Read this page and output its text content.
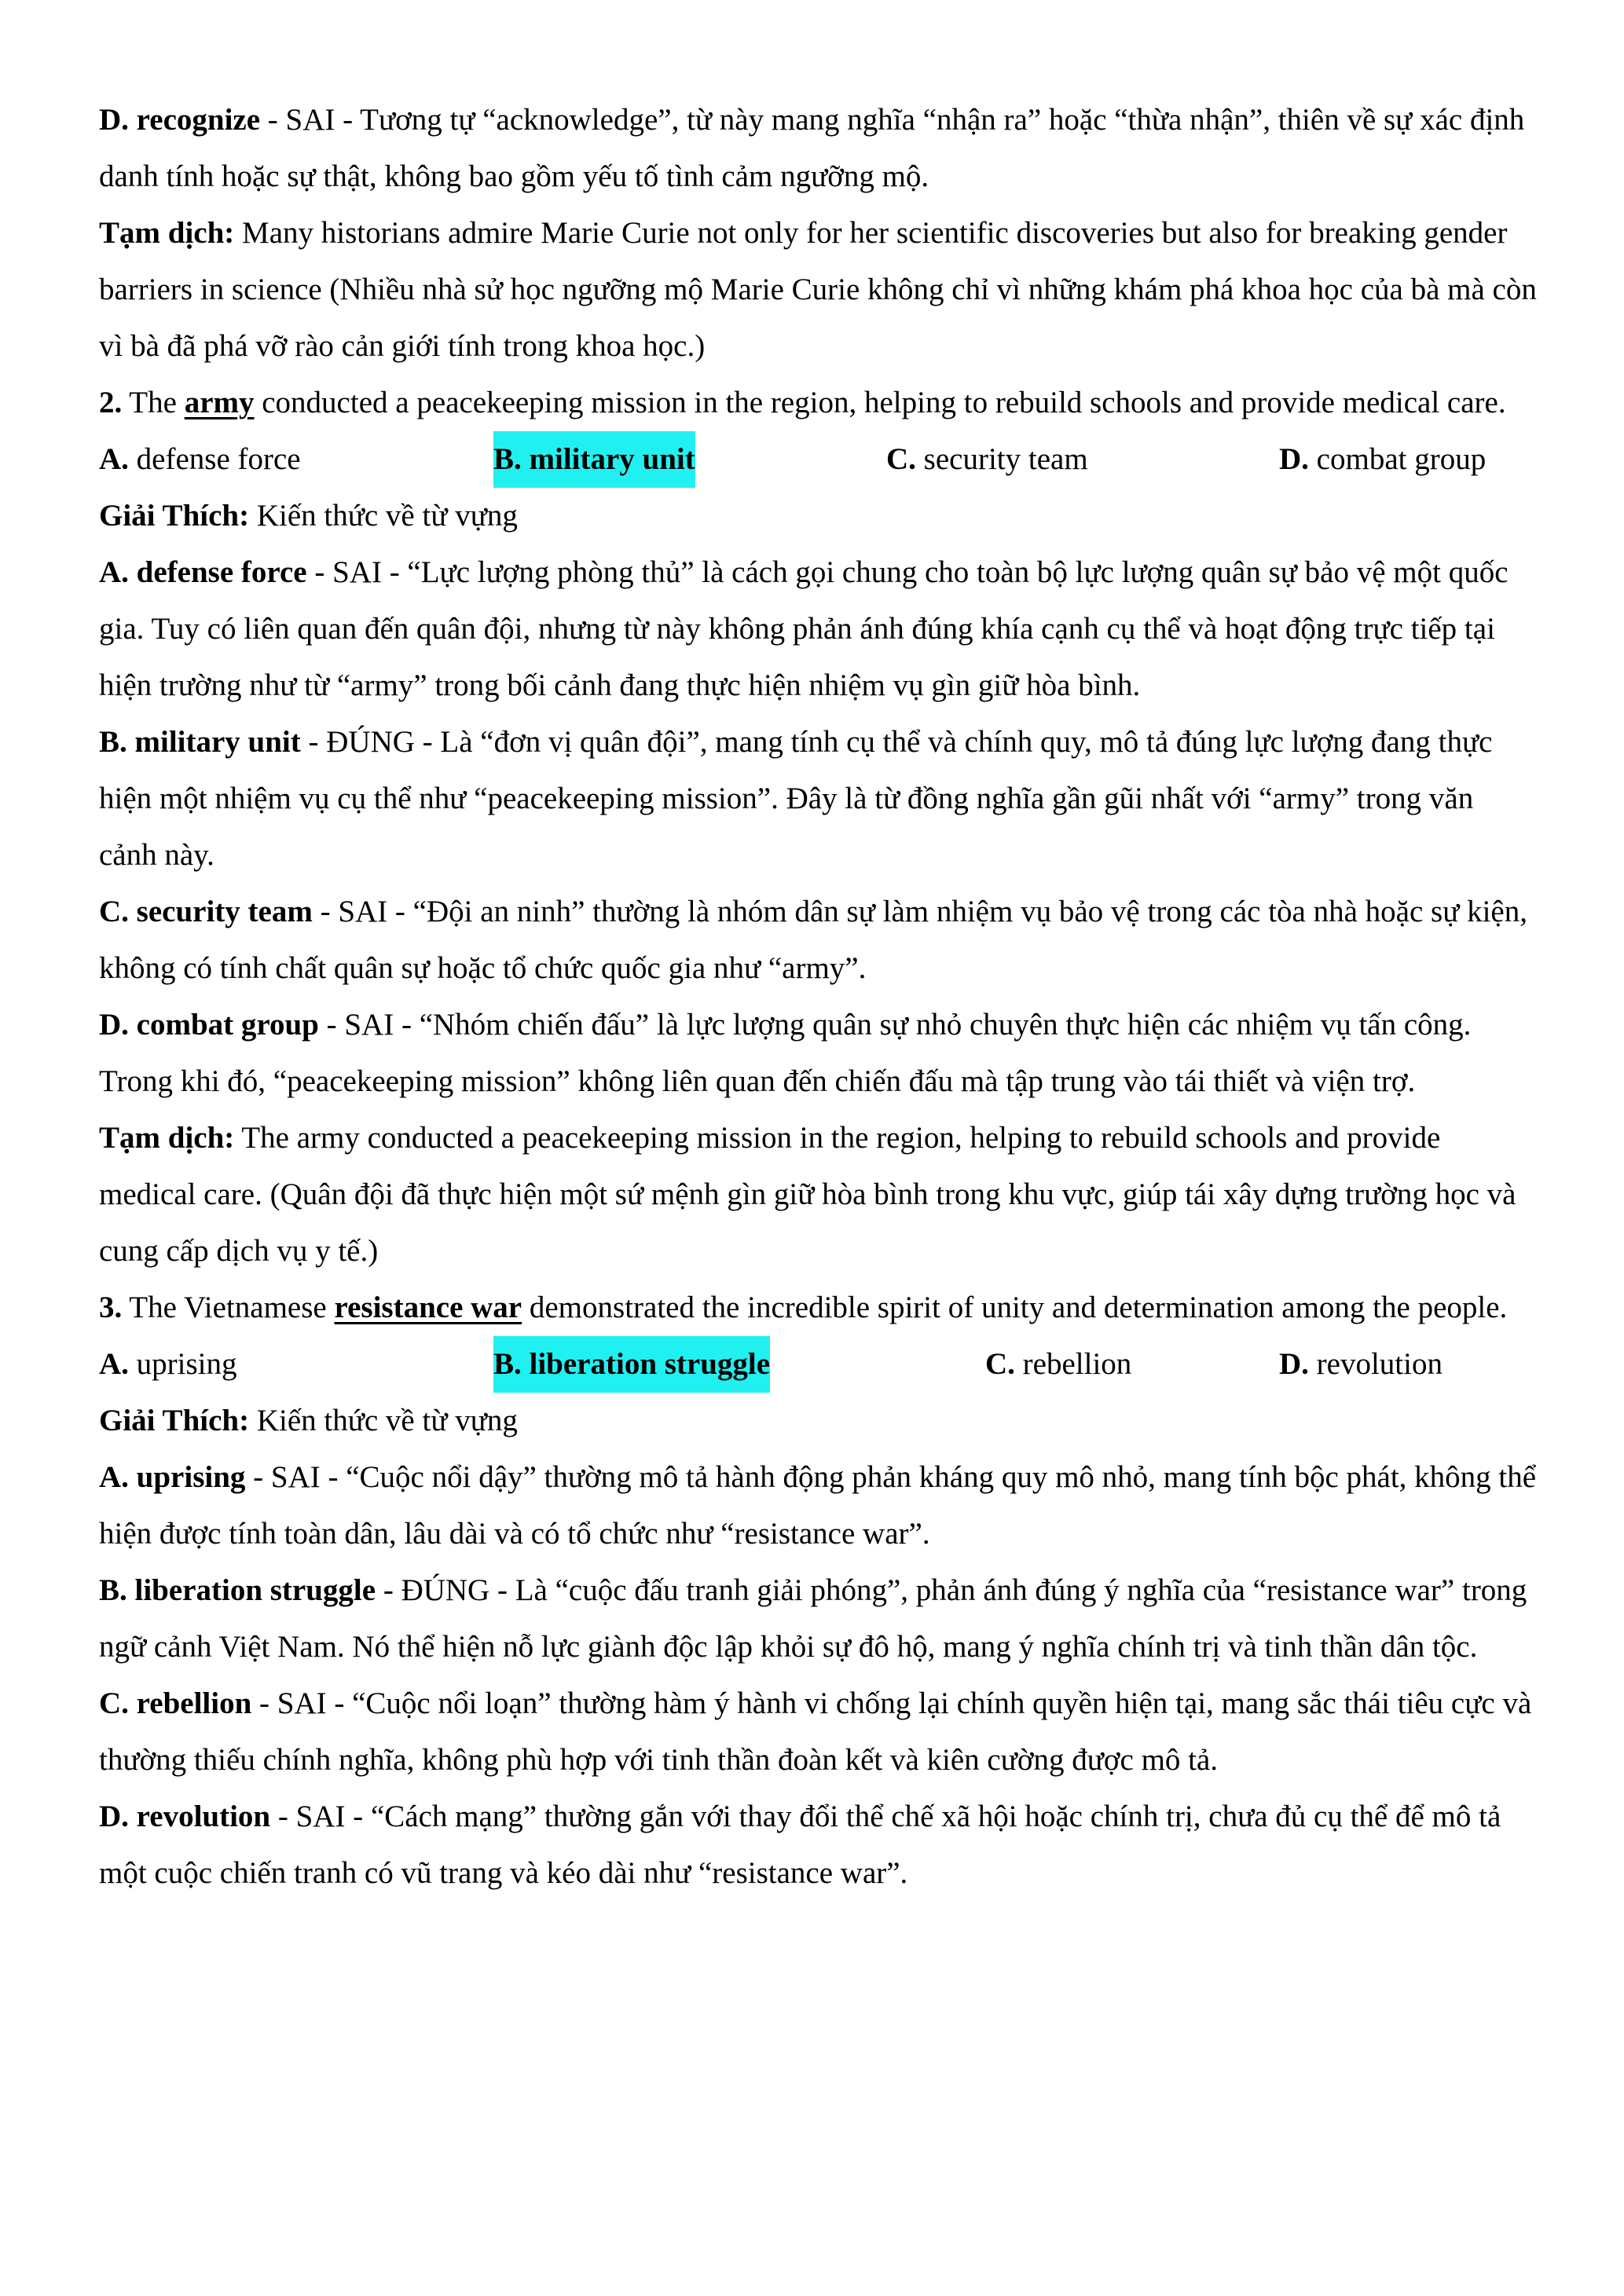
D. recognize - SAI - Tương tự “acknowledge”, từ này mang nghĩa “nhận ra” hoặc “thừa nhận”, thiên về sự xác định danh tính hoặc sự thật, không bao gồm yếu tố tình cảm ngưỡng mộ.

Tạm dịch: Many historians admire Marie Curie not only for her scientific discoveries but also for breaking gender barriers in science (Nhiều nhà sử học ngưỡng mộ Marie Curie không chỉ vì những khám phá khoa học của bà mà còn vì bà đã phá vỡ rào cản giới tính trong khoa học.)

2. The army conducted a peacekeeping mission in the region, helping to rebuild schools and provide medical care.

A. defense force	B. military unit	C. security team	D. combat group

Giải Thích: Kiến thức về từ vựng

A. defense force - SAI - “Lực lượng phòng thủ” là cách gọi chung cho toàn bộ lực lượng quân sự bảo vệ một quốc gia. Tuy có liên quan đến quân đội, nhưng từ này không phản ánh đúng khía cạnh cụ thể và hoạt động trực tiếp tại hiện trường như từ “army” trong bối cảnh đang thực hiện nhiệm vụ gìn giữ hòa bình.

B. military unit - ĐÚNG - Là “đơn vị quân đội”, mang tính cụ thể và chính quy, mô tả đúng lực lượng đang thực hiện một nhiệm vụ cụ thể như “peacekeeping mission”. Đây là từ đồng nghĩa gần gũi nhất với “army” trong văn cảnh này.

C. security team - SAI - “Đội an ninh” thường là nhóm dân sự làm nhiệm vụ bảo vệ trong các tòa nhà hoặc sự kiện, không có tính chất quân sự hoặc tổ chức quốc gia như “army”.

D. combat group - SAI - “Nhóm chiến đấu” là lực lượng quân sự nhỏ chuyên thực hiện các nhiệm vụ tấn công. Trong khi đó, “peacekeeping mission” không liên quan đến chiến đấu mà tập trung vào tái thiết và viện trợ.

Tạm dịch: The army conducted a peacekeeping mission in the region, helping to rebuild schools and provide medical care. (Quân đội đã thực hiện một sứ mệnh gìn giữ hòa bình trong khu vực, giúp tái xây dựng trường học và cung cấp dịch vụ y tế.)

3. The Vietnamese resistance war demonstrated the incredible spirit of unity and determination among the people.

A. uprising	B. liberation struggle	C. rebellion	D. revolution

Giải Thích: Kiến thức về từ vựng

A. uprising - SAI - “Cuộc nổi dậy” thường mô tả hành động phản kháng quy mô nhỏ, mang tính bộc phát, không thể hiện được tính toàn dân, lâu dài và có tổ chức như “resistance war”.

B. liberation struggle - ĐÚNG - Là “cuộc đấu tranh giải phóng”, phản ánh đúng ý nghĩa của “resistance war” trong ngữ cảnh Việt Nam. Nó thể hiện nỗ lực giành độc lập khỏi sự đô hộ, mang ý nghĩa chính trị và tinh thần dân tộc.

C. rebellion - SAI - “Cuộc nổi loạn” thường hàm ý hành vi chống lại chính quyền hiện tại, mang sắc thái tiêu cực và thường thiếu chính nghĩa, không phù hợp với tinh thần đoàn kết và kiên cường được mô tả.

D. revolution - SAI - “Cách mạng” thường gắn với thay đổi thể chế xã hội hoặc chính trị, chưa đủ cụ thể để mô tả một cuộc chiến tranh có vũ trang và kéo dài như “resistance war”.
